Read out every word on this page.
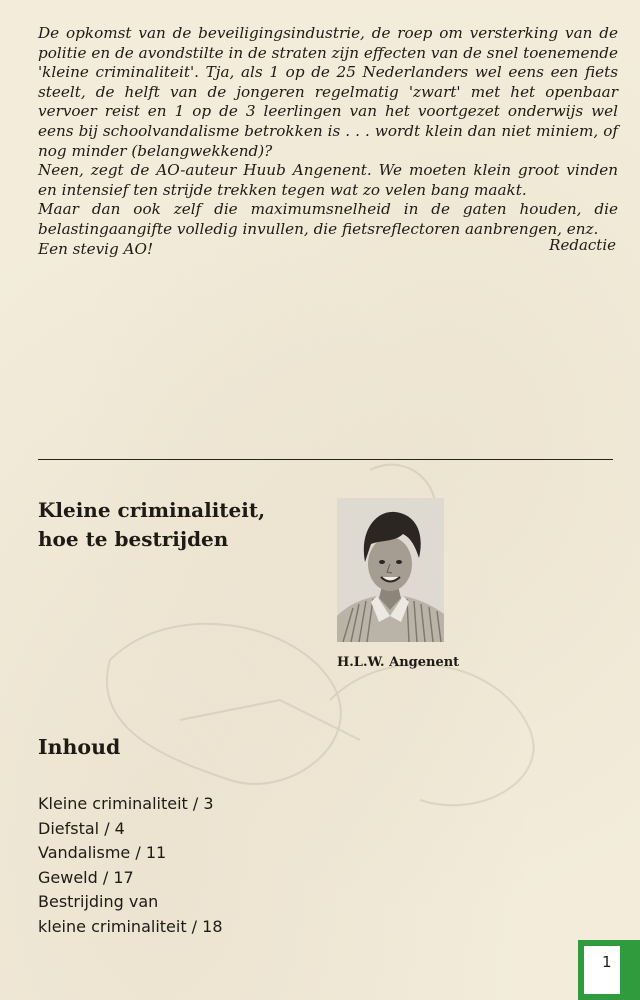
De opkomst van de beveiligingsindustrie, de roep om versterking van de politie en de avondstilte in de straten zijn effecten van de snel toenemende 'kleine criminaliteit'. Tja, als 1 op de 25 Nederlanders wel eens een fiets steelt, de helft van de jongeren regelmatig 'zwart' met het openbaar vervoer reist en 1 op de 3 leerlingen van het voortgezet onderwijs wel eens bij schoolvandalisme betrokken is . . . wordt klein dan niet miniem, of nog minder (belangwekkend)?

Neen, zegt de AO-auteur Huub Angenent. We moeten klein groot vinden en intensief ten strijde trekken tegen wat zo velen bang maakt.

Maar dan ook zelf die maximumsnelheid in de gaten houden, die belastingaangifte volledig invullen, die fietsreflectoren aanbrengen, enz.

Een stevig AO!	Redactie
Kleine criminaliteit,
hoe te bestrijden
H.L.W. Angenent
Inhoud
Kleine criminaliteit / 3
Diefstal / 4
Vandalisme / 11
Geweld / 17
Bestrijding van
kleine criminaliteit / 18
1
